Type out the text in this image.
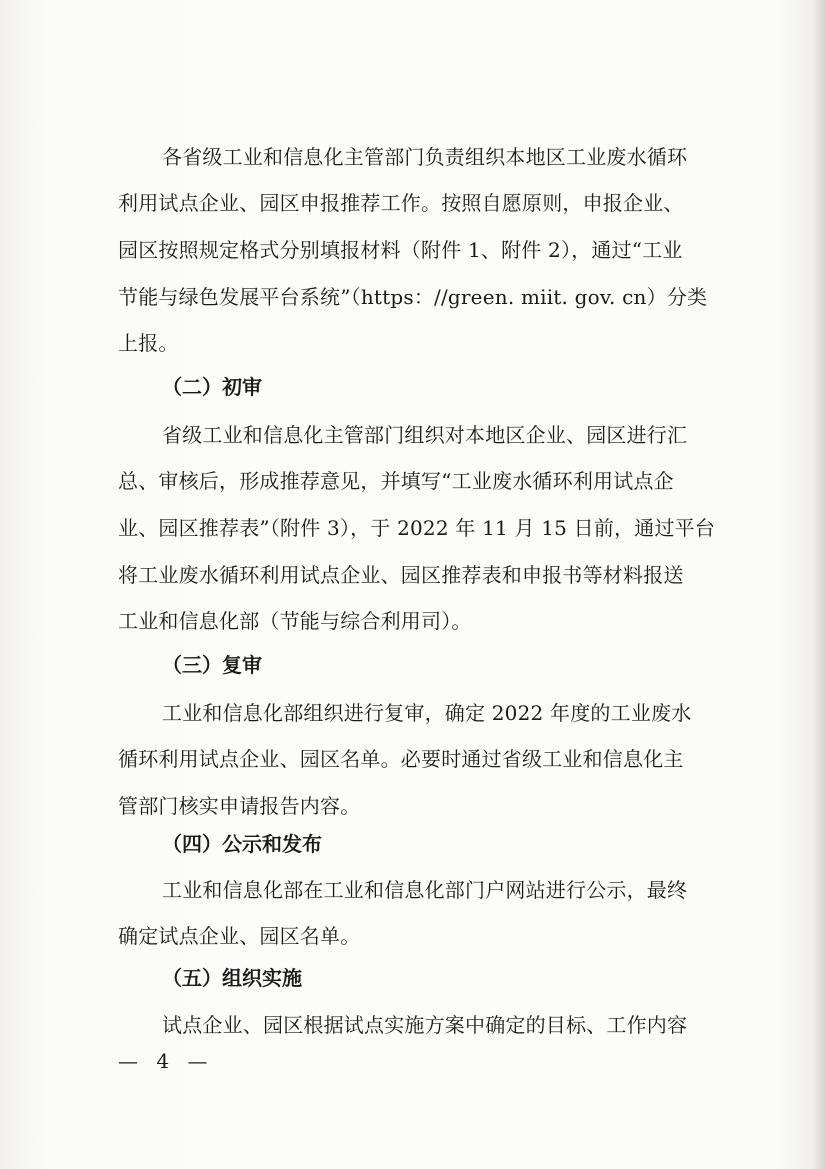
各省级工业和信息化主管部门负责组织本地区工业废水循环
利用试点企业、园区申报推荐工作。按照自愿原则，申报企业、
园区按照规定格式分别填报材料（附件 1、附件 2），通过“工业
节能与绿色发展平台系统”（https：//green. miit. gov. cn）分类
上报。
（二）初审
省级工业和信息化主管部门组织对本地区企业、园区进行汇
总、审核后，形成推荐意见，并填写“工业废水循环利用试点企
业、园区推荐表”（附件 3），于 2022 年 11 月 15 日前，通过平台
将工业废水循环利用试点企业、园区推荐表和申报书等材料报送
工业和信息化部（节能与综合利用司）。
（三）复审
工业和信息化部组织进行复审，确定 2022 年度的工业废水
循环利用试点企业、园区名单。必要时通过省级工业和信息化主
管部门核实申请报告内容。
（四）公示和发布
工业和信息化部在工业和信息化部门户网站进行公示，最终
确定试点企业、园区名单。
（五）组织实施
试点企业、园区根据试点实施方案中确定的目标、工作内容
— 4 —
